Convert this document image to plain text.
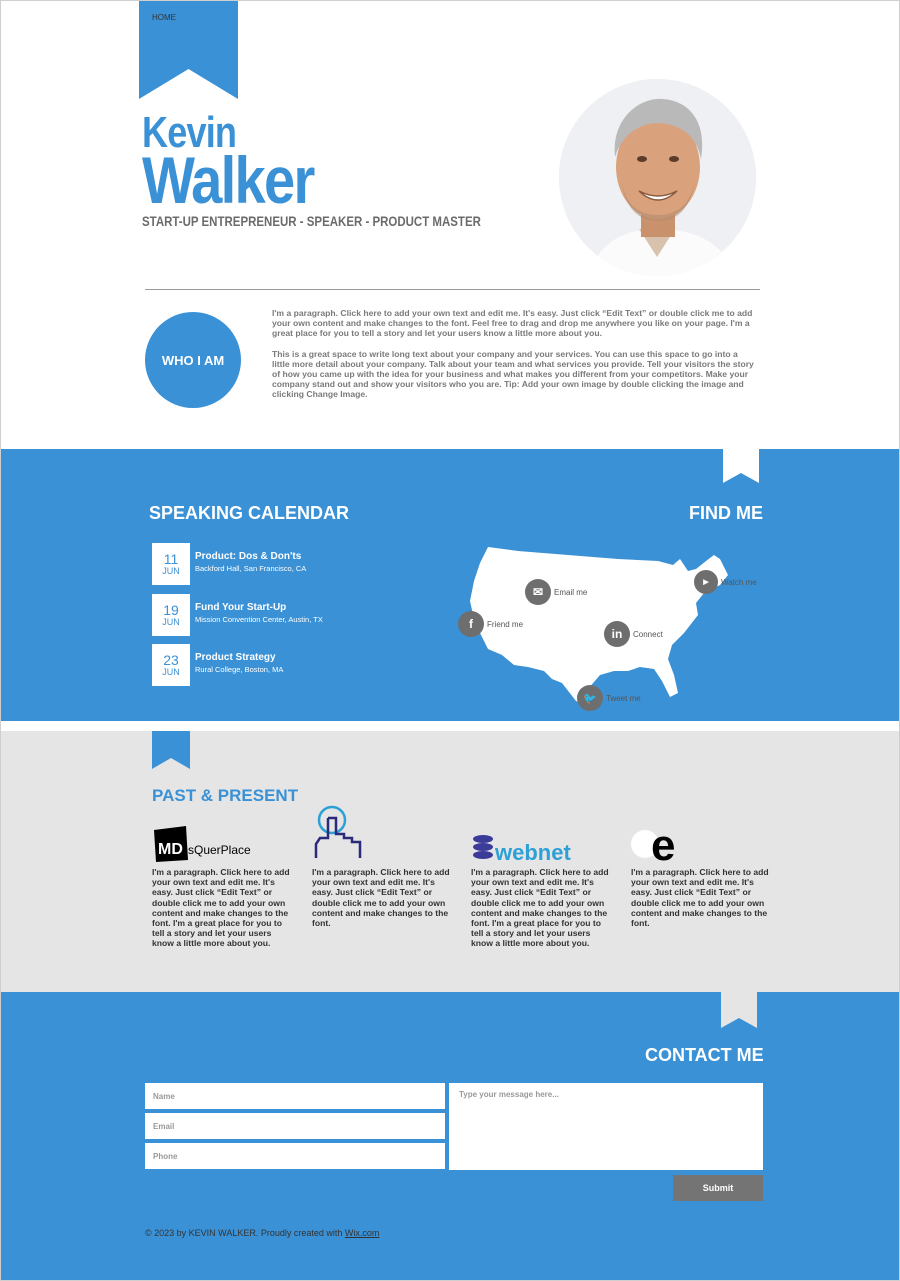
HOME
Kevin
Walker
START-UP ENTREPRENEUR - SPEAKER - PRODUCT MASTER
WHO I AM

I'm a paragraph. Click here to add your own text and edit me. It's easy. Just click “Edit Text” or double click me to add your own content and make changes to the font. Feel free to drag and drop me anywhere you like on your page. I'm a great place for you to tell a story and let your users know a little more about you.

This is a great space to write long text about your company and your services. You can use this space to go into a little more detail about your company. Talk about your team and what services you provide. Tell your visitors the story of how you came up with the idea for your business and what makes you different from your competitors. Make your company stand out and show your visitors who you are. Tip: Add your own image by double clicking the image and clicking Change Image.

SPEAKING CALENDAR	FIND ME
11
JUN
Product: Dos & Don'ts
Backford Hall, San Francisco, CA
19
JUN
Fund Your Start-Up
Mission Convention Center, Austin, TX
23
JUN
Product Strategy
Rural College, Boston, MA
✉	Email me
f	Friend me
in	Connect
▶	Watch me
🐦	Tweet me
PAST & PRESENT
MD sQuerPlace	webnet e
I'm a paragraph. Click here to add your own text and edit me. It's easy. Just click “Edit Text” or double click me to add your own content and make changes to the font. I'm a great place for you to tell a story and let your users know a little more about you.
I'm a paragraph. Click here to add your own text and edit me. It's easy. Just click “Edit Text” or double click me to add your own content and make changes to the font.
I'm a paragraph. Click here to add your own text and edit me. It's easy. Just click “Edit Text” or double click me to add your own content and make changes to the font. I'm a great place for you to tell a story and let your users know a little more about you.
I'm a paragraph. Click here to add your own text and edit me. It's easy. Just click “Edit Text” or double click me to add your own content and make changes to the font.
CONTACT ME
Name
Email
Phone
Type your message here...
Submit
© 2023 by KEVIN WALKER. Proudly created with Wix.com
